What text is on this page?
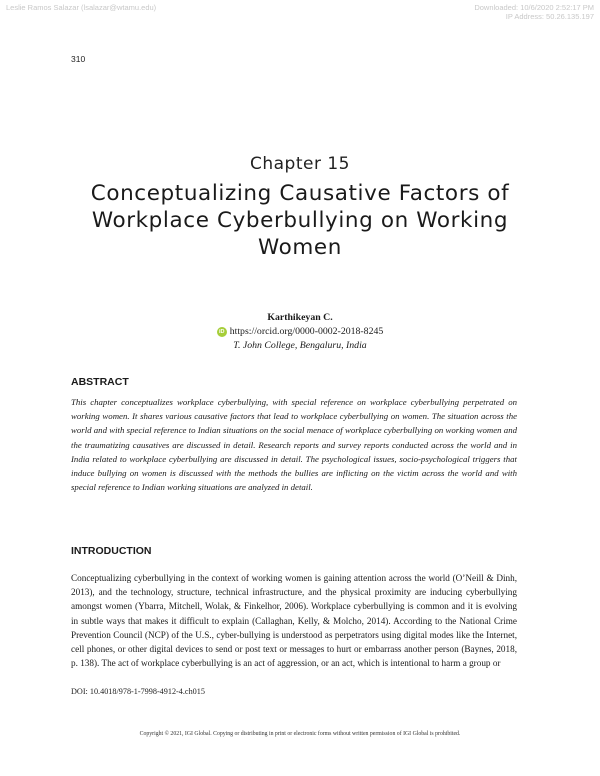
Leslie Ramos Salazar (lsalazar@wtamu.edu)	Downloaded: 10/6/2020 2:52:17 PM
IP Address: 50.26.135.197
310
Chapter 15
Conceptualizing Causative Factors of Workplace Cyberbullying on Working Women
Karthikeyan C.
iD https://orcid.org/0000-0002-2018-8245
T. John College, Bengaluru, India
ABSTRACT
This chapter conceptualizes workplace cyberbullying, with special reference on workplace cyberbullying perpetrated on working women. It shares various causative factors that lead to workplace cyberbullying on women. The situation across the world and with special reference to Indian situations on the social menace of workplace cyberbullying on working women and the traumatizing causatives are discussed in detail. Research reports and survey reports conducted across the world and in India related to workplace cyberbullying are discussed in detail. The psychological issues, socio-psychological triggers that induce bullying on women is discussed with the methods the bullies are inflicting on the victim across the world and with special reference to Indian working situations are analyzed in detail.
INTRODUCTION
Conceptualizing cyberbullying in the context of working women is gaining attention across the world (O’Neill & Dinh, 2013), and the technology, structure, technical infrastructure, and the physical proximity are inducing cyberbullying amongst women (Ybarra, Mitchell, Wolak, & Finkelhor, 2006). Workplace cyberbullying is common and it is evolving in subtle ways that makes it difficult to explain (Callaghan, Kelly, & Molcho, 2014). According to the National Crime Prevention Council (NCP) of the U.S., cyber-bullying is understood as perpetrators using digital modes like the Internet, cell phones, or other digital devices to send or post text or messages to hurt or embarrass another person (Baynes, 2018, p. 138). The act of workplace cyberbullying is an act of aggression, or an act, which is intentional to harm a group or
DOI: 10.4018/978-1-7998-4912-4.ch015
Copyright © 2021, IGI Global. Copying or distributing in print or electronic forms without written permission of IGI Global is prohibited.
